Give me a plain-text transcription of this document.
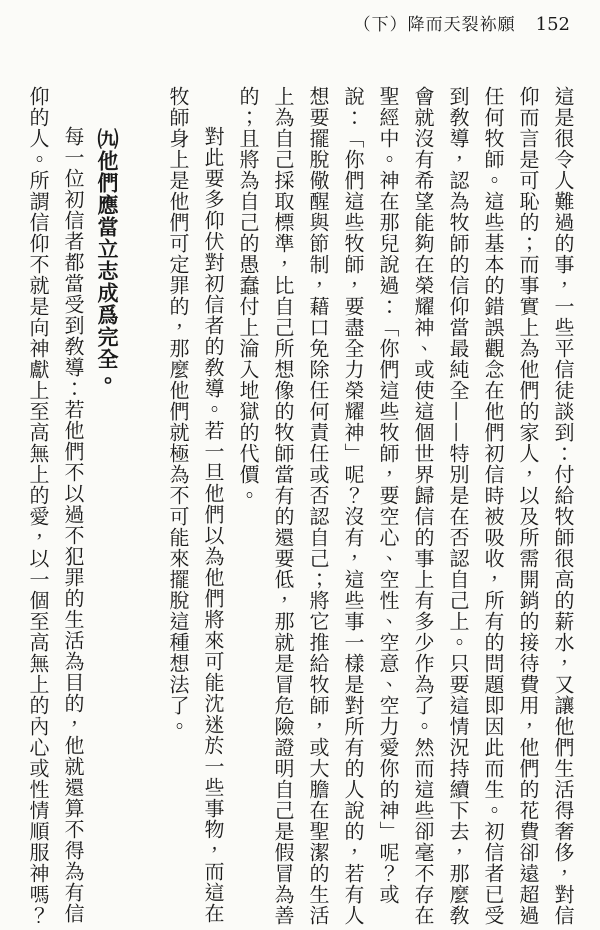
（下）降而天裂袮願 152

這是很令人難過的事，一些平信徒談到：付給牧師很高的薪水，又讓他們生活得奢侈，對信仰而言是可恥的；而事實上為他們的家人，以及所需開銷的接待費用，他們的花費卻遠超過任何牧師。這些基本的錯誤觀念在他們初信時被吸收，所有的問題即因此而生。初信者已受到敎導，認為牧師的信仰當最純全——特別是在否認自己上。只要這情況持續下去，那麼敎會就沒有希望能夠在榮耀神、或使這個世界歸信的事上有多少作為了。然而這些卻毫不存在聖經中。神在那兒說過：「你們這些牧師，要空心、空性、空意、空力愛你的神」呢？或說：「你們這些牧師，要盡全力榮耀神」呢？沒有，這些事一樣是對所有的人說的，若有人想要擺脫儆醒與節制，藉口免除任何責任或否認自己；將它推給牧師，或大膽在聖潔的生活上為自己採取標準，比自己所想像的牧師當有的還要低，那就是冒危險證明自己是假冒為善的；且將為自己的愚蠢付上淪入地獄的代價。

對此要多仰伏對初信者的敎導。若一旦他們以為他們將來可能沈迷於一些事物，而這在牧師身上是他們可定罪的，那麼他們就極為不可能來擺脫這種想法了。

㈨他們應當立志成爲完全。

每一位初信者都當受到敎導：若他們不以過不犯罪的生活為目的，他就還算不得為有信仰的人。所謂信仰不就是向神獻上至高無上的愛，以一個至高無上的內心或性情順服神嗎？
